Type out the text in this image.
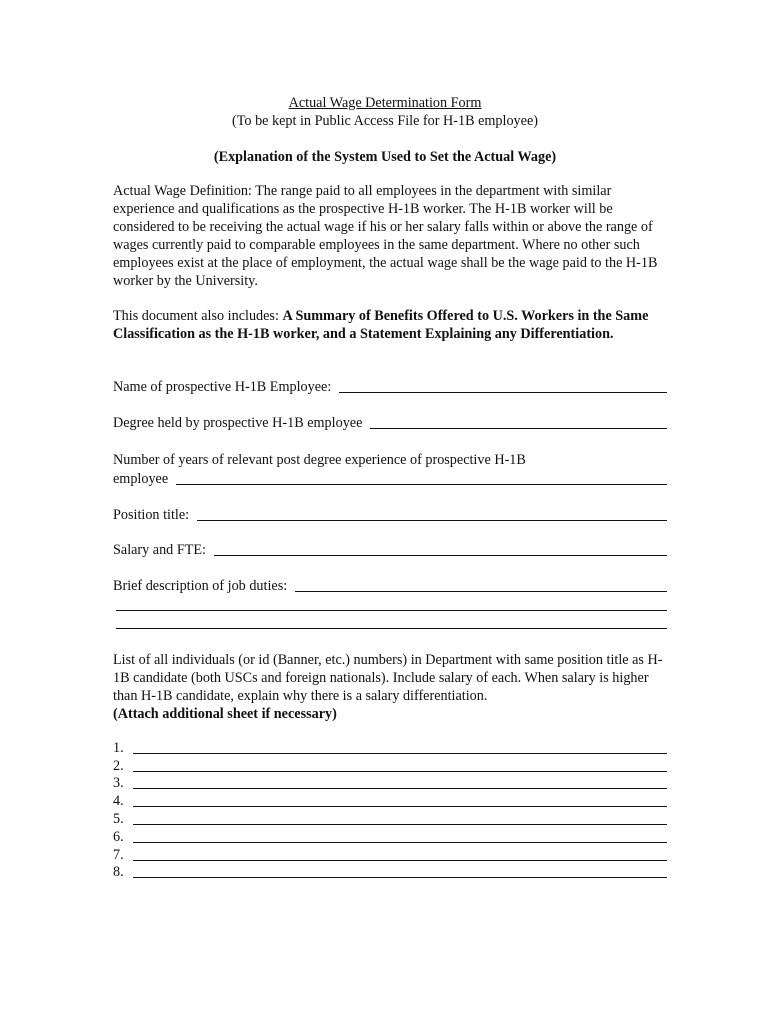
Actual Wage Determination Form
(To be kept in Public Access File for H-1B employee)
(Explanation of the System Used to Set the Actual Wage)
Actual Wage Definition: The range paid to all employees in the department with similar experience and qualifications as the prospective H-1B worker. The H-1B worker will be considered to be receiving the actual wage if his or her salary falls within or above the range of wages currently paid to comparable employees in the same department. Where no other such employees exist at the place of employment, the actual wage shall be the wage paid to the H-1B worker by the University.
This document also includes: A Summary of Benefits Offered to U.S. Workers in the Same Classification as the H-1B worker, and a Statement Explaining any Differentiation.
Name of prospective H-1B Employee:
Degree held by prospective H-1B employee
Number of years of relevant post degree experience of prospective H-1B
employee
Position title:
Salary and FTE:
Brief description of job duties:
List of all individuals (or id (Banner, etc.) numbers) in Department with same position title as H-1B candidate (both USCs and foreign nationals). Include salary of each. When salary is higher than H-1B candidate, explain why there is a salary differentiation.
(Attach additional sheet if necessary)
1.
2.
3.
4.
5.
6.
7.
8.
